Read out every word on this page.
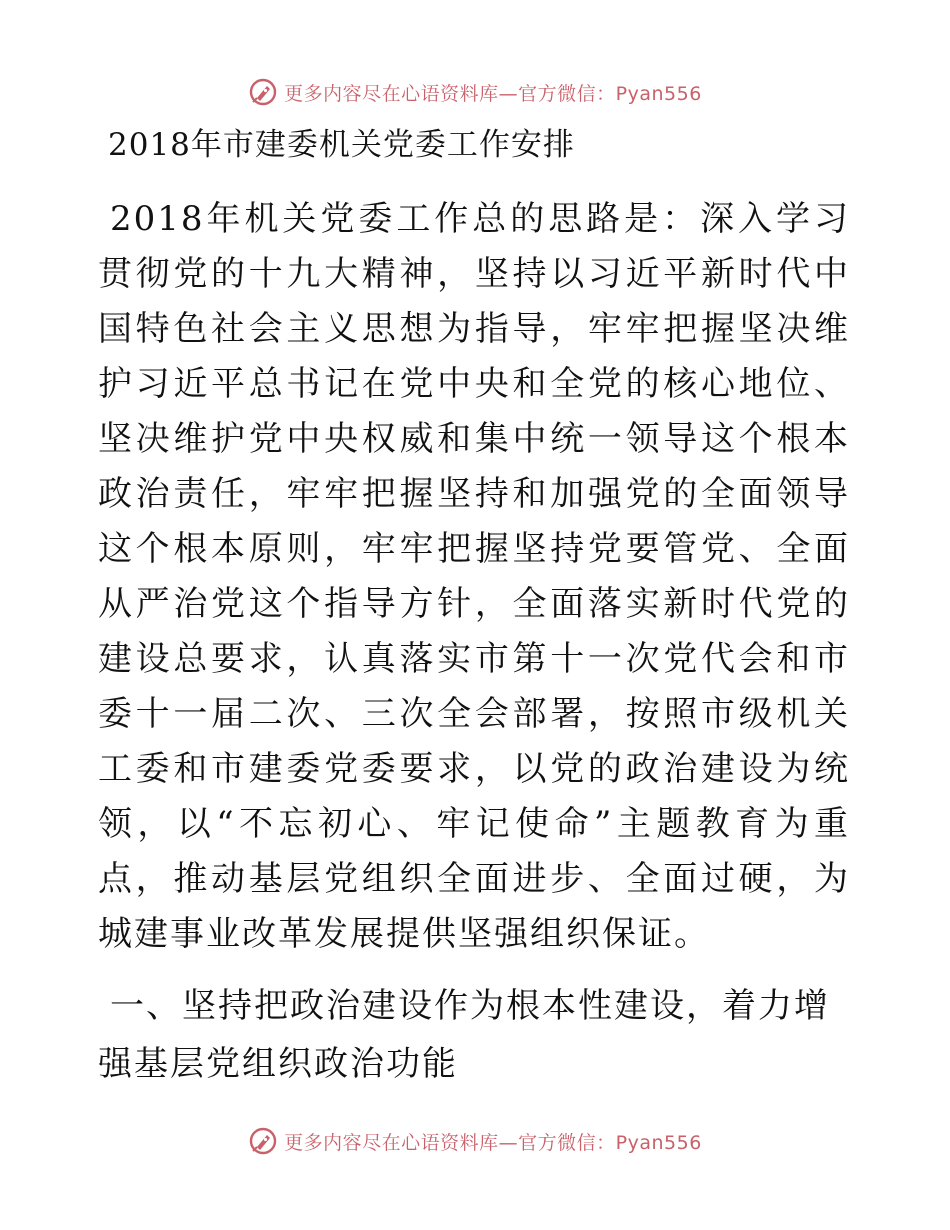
更多内容尽在心语资料库—官方微信：Pyan556
2018年市建委机关党委工作安排

2018年机关党委工作总的思路是：深入学习贯彻党的十九大精神，坚持以习近平新时代中国特色社会主义思想为指导，牢牢把握坚决维护习近平总书记在党中央和全党的核心地位、坚决维护党中央权威和集中统一领导这个根本政治责任，牢牢把握坚持和加强党的全面领导这个根本原则，牢牢把握坚持党要管党、全面从严治党这个指导方针，全面落实新时代党的建设总要求，认真落实市第十一次党代会和市委十一届二次、三次全会部署，按照市级机关工委和市建委党委要求，以党的政治建设为统领，以“不忘初心、牢记使命”主题教育为重点，推动基层党组织全面进步、全面过硬，为城建事业改革发展提供坚强组织保证。

一、坚持把政治建设作为根本性建设，着力增强基层党组织政治功能

更多内容尽在心语资料库—官方微信：Pyan556
